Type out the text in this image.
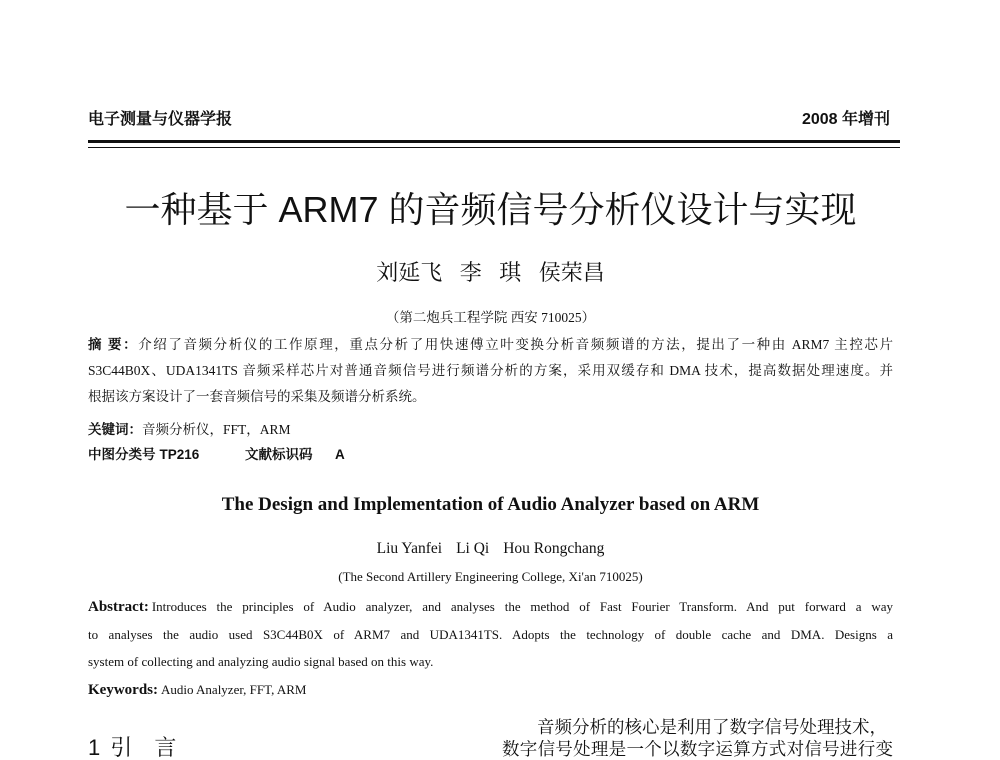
电子测量与仪器学报	2008 年增刊
一种基于 ARM7 的音频信号分析仪设计与实现
刘延飞 李 琪 侯荣昌
（第二炮兵工程学院 西安 710025）
摘 要：介绍了音频分析仪的工作原理，重点分析了用快速傅立叶变换分析音频频谱的方法，提出了一种由 ARM7 主控芯片
S3C44B0X、UDA1341TS 音频采样芯片对普通音频信号进行频谱分析的方案，采用双缓存和 DMA 技术，提高数据处理速度。并
根据该方案设计了一套音频信号的采集及频谱分析系统。
关键词：音频分析仪，FFT，ARM
中图分类号 TP216	文献标识码 A
The Design and Implementation of Audio Analyzer based on ARM
Liu Yanfei Li Qi Hou Rongchang
(The Second Artillery Engineering College, Xi'an 710025)
Abstract: Introduces the principles of Audio analyzer, and analyses the method of Fast Fourier Transform. And put forward a way
to analyses the audio used S3C44B0X of ARM7 and UDA1341TS. Adopts the technology of double cache and DMA. Designs a
system of collecting and analyzing audio signal based on this way.
Keywords: Audio Analyzer, FFT, ARM
1 引 言
音频分析的核心是利用了数字信号处理技术，
数字信号处理是一个以数字运算方式对信号进行变
